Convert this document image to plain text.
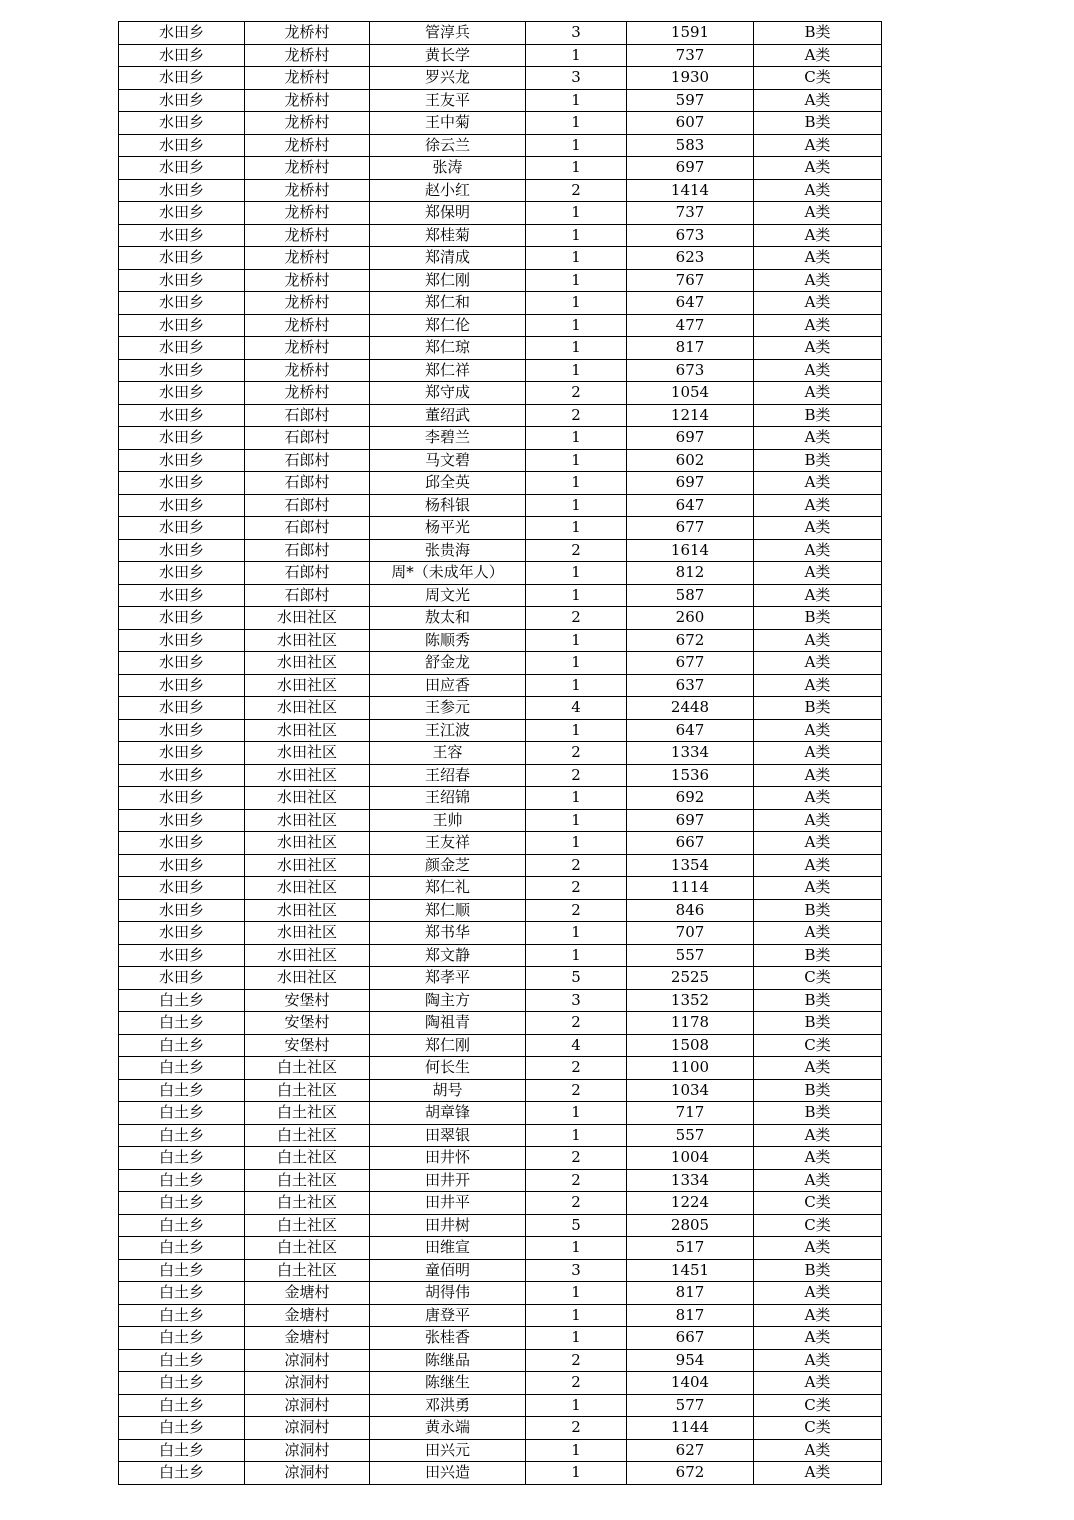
水田乡	龙桥村	管淳兵	3	1591	B类
水田乡	龙桥村	黄长学	1	737	A类
水田乡	龙桥村	罗兴龙	3	1930	C类
水田乡	龙桥村	王友平	1	597	A类
水田乡	龙桥村	王中菊	1	607	B类
水田乡	龙桥村	徐云兰	1	583	A类
水田乡	龙桥村	张涛	1	697	A类
水田乡	龙桥村	赵小红	2	1414	A类
水田乡	龙桥村	郑保明	1	737	A类
水田乡	龙桥村	郑桂菊	1	673	A类
水田乡	龙桥村	郑清成	1	623	A类
水田乡	龙桥村	郑仁刚	1	767	A类
水田乡	龙桥村	郑仁和	1	647	A类
水田乡	龙桥村	郑仁伦	1	477	A类
水田乡	龙桥村	郑仁琼	1	817	A类
水田乡	龙桥村	郑仁祥	1	673	A类
水田乡	龙桥村	郑守成	2	1054	A类
水田乡	石郎村	董绍武	2	1214	B类
水田乡	石郎村	李碧兰	1	697	A类
水田乡	石郎村	马文碧	1	602	B类
水田乡	石郎村	邱全英	1	697	A类
水田乡	石郎村	杨科银	1	647	A类
水田乡	石郎村	杨平光	1	677	A类
水田乡	石郎村	张贵海	2	1614	A类
水田乡	石郎村	周*（未成年人）	1	812	A类
水田乡	石郎村	周文光	1	587	A类
水田乡	水田社区	敖太和	2	260	B类
水田乡	水田社区	陈顺秀	1	672	A类
水田乡	水田社区	舒金龙	1	677	A类
水田乡	水田社区	田应香	1	637	A类
水田乡	水田社区	王参元	4	2448	B类
水田乡	水田社区	王江波	1	647	A类
水田乡	水田社区	王容	2	1334	A类
水田乡	水田社区	王绍春	2	1536	A类
水田乡	水田社区	王绍锦	1	692	A类
水田乡	水田社区	王帅	1	697	A类
水田乡	水田社区	王友祥	1	667	A类
水田乡	水田社区	颜金芝	2	1354	A类
水田乡	水田社区	郑仁礼	2	1114	A类
水田乡	水田社区	郑仁顺	2	846	B类
水田乡	水田社区	郑书华	1	707	A类
水田乡	水田社区	郑文静	1	557	B类
水田乡	水田社区	郑孝平	5	2525	C类
白土乡	安堡村	陶主方	3	1352	B类
白土乡	安堡村	陶祖青	2	1178	B类
白土乡	安堡村	郑仁刚	4	1508	C类
白土乡	白土社区	何长生	2	1100	A类
白土乡	白土社区	胡号	2	1034	B类
白土乡	白土社区	胡章锋	1	717	B类
白土乡	白土社区	田翠银	1	557	A类
白土乡	白土社区	田井怀	2	1004	A类
白土乡	白土社区	田井开	2	1334	A类
白土乡	白土社区	田井平	2	1224	C类
白土乡	白土社区	田井树	5	2805	C类
白土乡	白土社区	田维宣	1	517	A类
白土乡	白土社区	童佰明	3	1451	B类
白土乡	金塘村	胡得伟	1	817	A类
白土乡	金塘村	唐登平	1	817	A类
白土乡	金塘村	张桂香	1	667	A类
白土乡	凉洞村	陈继品	2	954	A类
白土乡	凉洞村	陈继生	2	1404	A类
白土乡	凉洞村	邓洪勇	1	577	C类
白土乡	凉洞村	黄永端	2	1144	C类
白土乡	凉洞村	田兴元	1	627	A类
白土乡	凉洞村	田兴造	1	672	A类
